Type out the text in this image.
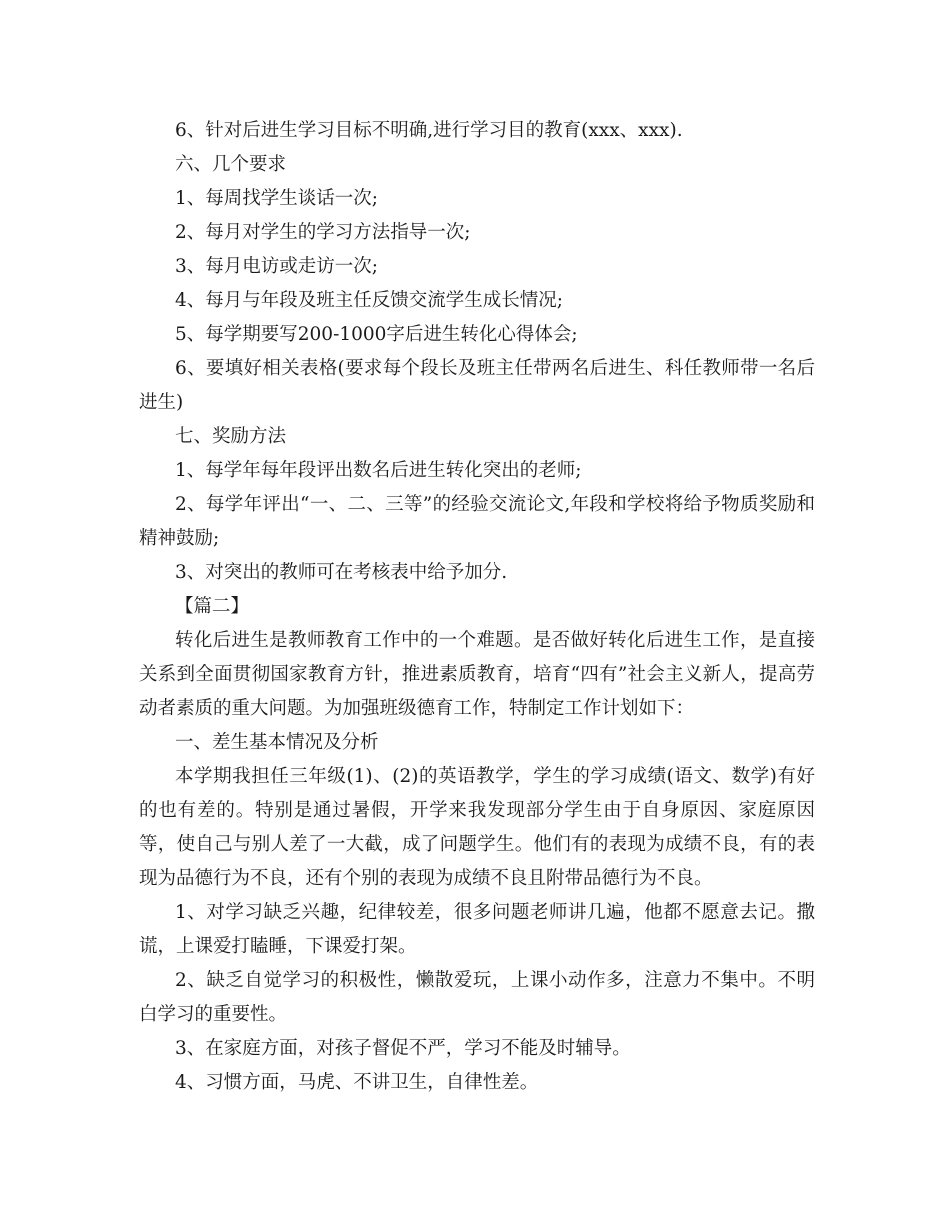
6、针对后进生学习目标不明确,进行学习目的教育(xxx、xxx).

六、几个要求

1、每周找学生谈话一次;

2、每月对学生的学习方法指导一次;

3、每月电访或走访一次;

4、每月与年段及班主任反馈交流学生成长情况;

5、每学期要写200-1000字后进生转化心得体会;

6、要填好相关表格(要求每个段长及班主任带两名后进生、科任教师带一名后进生)

七、奖励方法

1、每学年每年段评出数名后进生转化突出的老师;

2、每学年评出“一、二、三等”的经验交流论文,年段和学校将给予物质奖励和精神鼓励;

3、对突出的教师可在考核表中给予加分.

【篇二】

转化后进生是教师教育工作中的一个难题。是否做好转化后进生工作，是直接关系到全面贯彻国家教育方针，推进素质教育，培育“四有”社会主义新人，提高劳动者素质的重大问题。为加强班级德育工作，特制定工作计划如下：

一、差生基本情况及分析

本学期我担任三年级(1)、(2)的英语教学，学生的学习成绩(语文、数学)有好的也有差的。特别是通过暑假，开学来我发现部分学生由于自身原因、家庭原因等，使自己与别人差了一大截，成了问题学生。他们有的表现为成绩不良，有的表现为品德行为不良，还有个别的表现为成绩不良且附带品德行为不良。

1、对学习缺乏兴趣，纪律较差，很多问题老师讲几遍，他都不愿意去记。撒谎，上课爱打瞌睡，下课爱打架。

2、缺乏自觉学习的积极性，懒散爱玩，上课小动作多，注意力不集中。不明白学习的重要性。

3、在家庭方面，对孩子督促不严，学习不能及时辅导。

4、习惯方面，马虎、不讲卫生，自律性差。
